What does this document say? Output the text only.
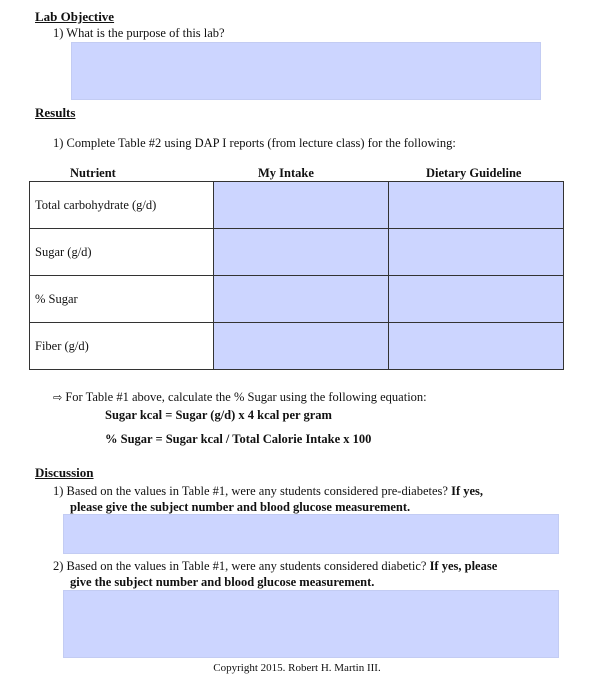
Lab Objective
1) What is the purpose of this lab?
Results
1) Complete Table #2 using DAP I reports (from lecture class) for the following:
Nutrient	My Intake	Dietary Guideline
Total carbohydrate (g/d)		
Sugar (g/d)		
% Sugar		
Fiber (g/d)		
⇨ For Table #1 above, calculate the % Sugar using the following equation:
Sugar kcal = Sugar (g/d) x 4 kcal per gram
% Sugar = Sugar kcal / Total Calorie Intake x 100
Discussion
1) Based on the values in Table #1, were any students considered pre-diabetes? If yes,
please give the subject number and blood glucose measurement.
2) Based on the values in Table #1, were any students considered diabetic? If yes, please
give the subject number and blood glucose measurement.
Copyright 2015. Robert H. Martin III.
